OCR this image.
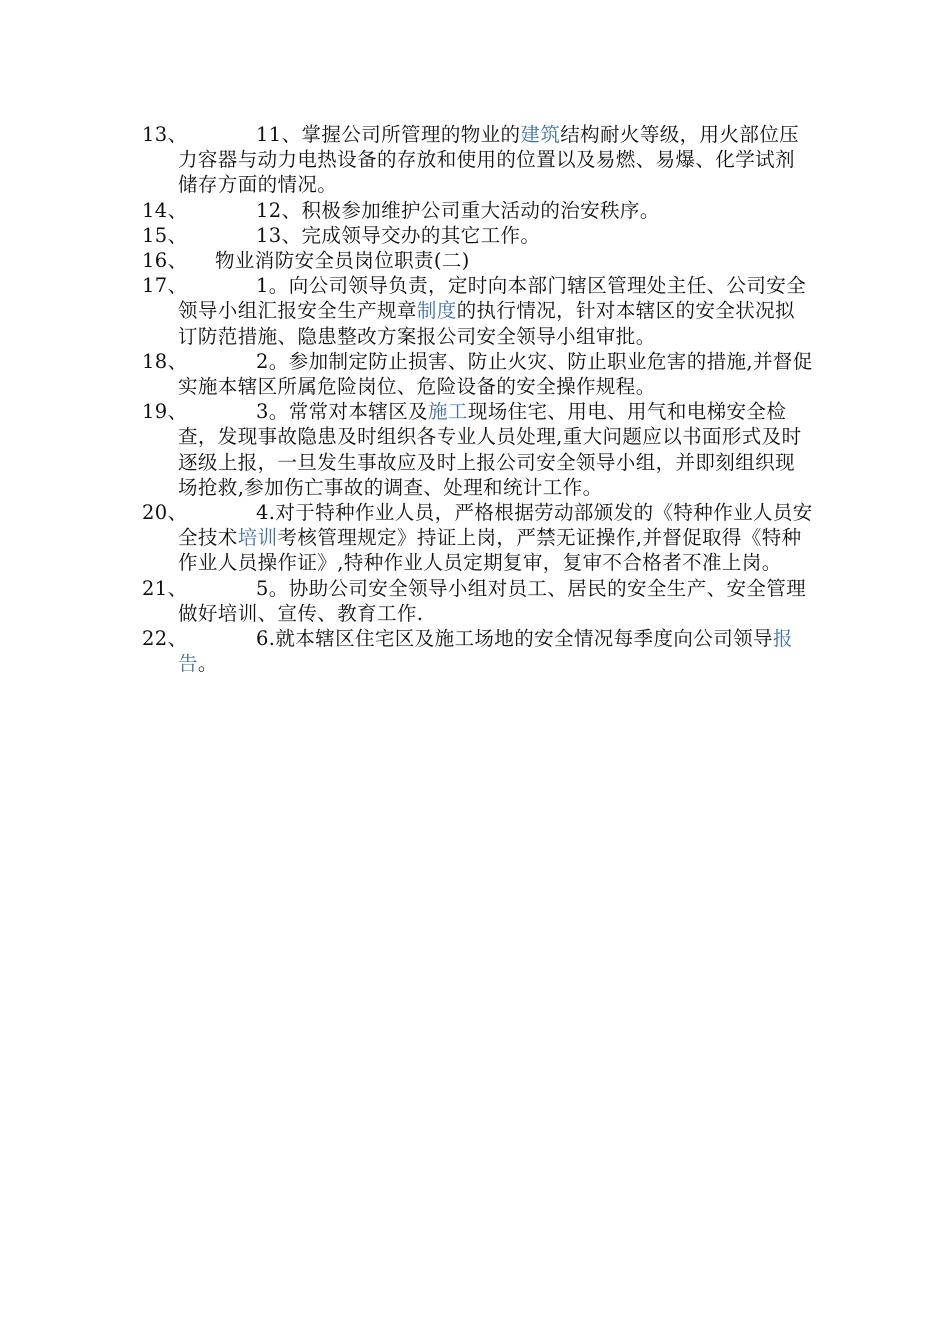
13、	11、掌握公司所管理的物业的建筑结构耐火等级，用火部位压力容器与动力电热设备的存放和使用的位置以及易燃、易爆、化学试剂储存方面的情况。
14、	12、积极参加维护公司重大活动的治安秩序。
15、	13、完成领导交办的其它工作。
16、	物业消防安全员岗位职责(二)
17、	1。向公司领导负责，定时向本部门辖区管理处主任、公司安全领导小组汇报安全生产规章制度的执行情况，针对本辖区的安全状况拟订防范措施、隐患整改方案报公司安全领导小组审批。
18、	2。参加制定防止损害、防止火灾、防止职业危害的措施,并督促实施本辖区所属危险岗位、危险设备的安全操作规程。
19、	3。常常对本辖区及施工现场住宅、用电、用气和电梯安全检查，发现事故隐患及时组织各专业人员处理,重大问题应以书面形式及时逐级上报，一旦发生事故应及时上报公司安全领导小组，并即刻组织现场抢救,参加伤亡事故的调查、处理和统计工作。
20、	4.对于特种作业人员，严格根据劳动部颁发的《特种作业人员安全技术培训考核管理规定》持证上岗，严禁无证操作,并督促取得《特种作业人员操作证》,特种作业人员定期复审，复审不合格者不准上岗。
21、	5。协助公司安全领导小组对员工、居民的安全生产、安全管理做好培训、宣传、教育工作.
22、	6.就本辖区住宅区及施工场地的安全情况每季度向公司领导报告。
